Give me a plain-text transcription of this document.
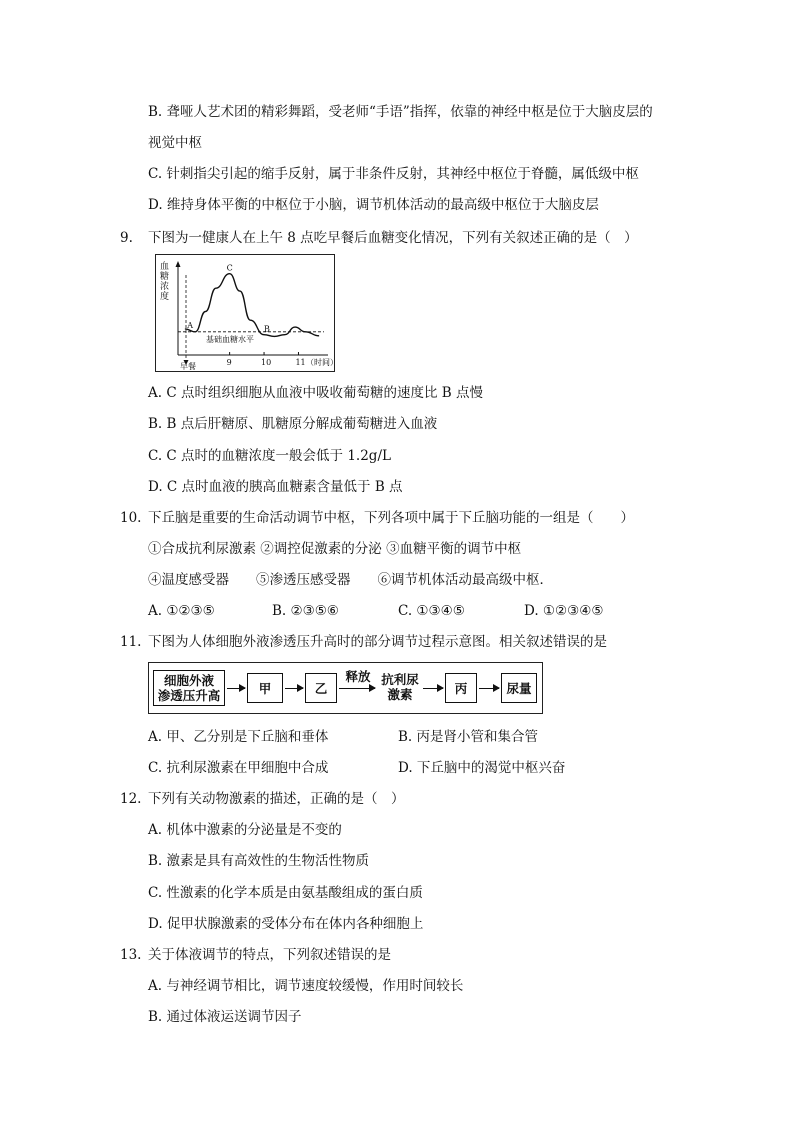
B. 聋哑人艺术团的精彩舞蹈，受老师“手语”指挥，依靠的神经中枢是位于大脑皮层的
视觉中枢
C. 针刺指尖引起的缩手反射，属于非条件反射，其神经中枢位于脊髓，属低级中枢
D. 维持身体平衡的中枢位于小脑，调节机体活动的最高级中枢位于大脑皮层
9. 下图为一健康人在上午 8 点吃早餐后血糖变化情况，下列有关叙述正确的是（　）
血糖浓度
早餐
基础血糖水平
9	10	11 （时间）
A	B
C
A. C 点时组织细胞从血液中吸收葡萄糖的速度比 B 点慢
B. B 点后肝糖原、肌糖原分解成葡萄糖进入血液
C. C 点时的血糖浓度一般会低于 1.2g/L
D. C 点时血液的胰高血糖素含量低于 B 点
10. 下丘脑是重要的生命活动调节中枢，下列各项中属于下丘脑功能的一组是（　　）
①合成抗利尿激素 ②调控促激素的分泌 ③血糖平衡的调节中枢
④温度感受器　　⑤渗透压感受器　　⑥调节机体活动最高级中枢．
A. ①②③⑤	B. ②③⑤⑥	C. ①③④⑤	D. ①②③④⑤
11. 下图为人体细胞外液渗透压升高时的部分调节过程示意图。相关叙述错误的是
细胞外液
渗透压升高	甲	乙
释放 抗利尿
激素	丙	尿量
A. 甲、乙分别是下丘脑和垂体	B. 丙是肾小管和集合管
C. 抗利尿激素在甲细胞中合成	D. 下丘脑中的渴觉中枢兴奋
12. 下列有关动物激素的描述，正确的是（　）
A. 机体中激素的分泌量是不变的
B. 激素是具有高效性的生物活性物质
C. 性激素的化学本质是由氨基酸组成的蛋白质
D. 促甲状腺激素的受体分布在体内各种细胞上
13. 关于体液调节的特点，下列叙述错误的是
A. 与神经调节相比，调节速度较缓慢，作用时间较长
B. 通过体液运送调节因子
